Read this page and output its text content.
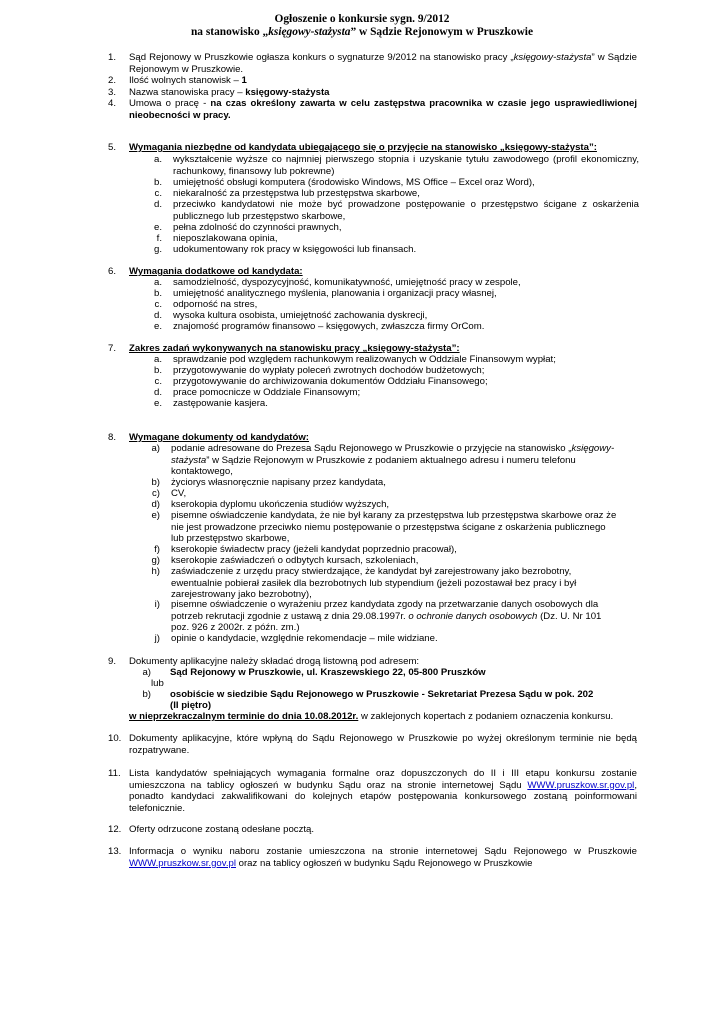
Ogłoszenie o konkursie sygn. 9/2012
na stanowisko „księgowy-stażysta” w Sądzie Rejonowym w Pruszkowie
1. Sąd Rejonowy w Pruszkowie ogłasza konkurs o sygnaturze 9/2012 na stanowisko pracy „księgowy-stażysta” w Sądzie Rejonowym w Pruszkowie.
2. Ilość wolnych stanowisk – 1
3. Nazwa stanowiska pracy – księgowy-stażysta
4. Umowa o pracę - na czas określony zawarta w celu zastępstwa pracownika w czasie jego usprawiedliwionej nieobecności w pracy.
5. Wymagania niezbędne od kandydata ubiegającego się o przyjęcie na stanowisko „księgowy-stażysta”:
a. wykształcenie wyższe co najmniej pierwszego stopnia i uzyskanie tytułu zawodowego (profil ekonomiczny, rachunkowy, finansowy lub pokrewne)
b. umiejętność obsługi komputera (środowisko Windows, MS Office – Excel oraz Word),
c. niekaralność za przestępstwa lub przestępstwa skarbowe,
d. przeciwko kandydatowi nie może być prowadzone postępowanie o przestępstwo ścigane z oskarżenia publicznego lub przestępstwo skarbowe,
e. pełna zdolność do czynności prawnych,
f. nieposzlakowana opinia,
g. udokumentowany rok pracy w księgowości lub finansach.
6. Wymagania dodatkowe od kandydata:
a. samodzielność, dyspozycyjność, komunikatywność, umiejętność pracy w zespole,
b. umiejętność analitycznego myślenia, planowania i organizacji pracy własnej,
c. odporność na stres,
d. wysoka kultura osobista, umiejętność zachowania dyskrecji,
e. znajomość programów finansowo – księgowych, zwłaszcza firmy OrCom.
7. Zakres zadań wykonywanych na stanowisku pracy „księgowy-stażysta”:
a. sprawdzanie pod względem rachunkowym realizowanych w Oddziale Finansowym wypłat;
b. przygotowywanie do wypłaty poleceń zwrotnych dochodów budżetowych;
c. przygotowywanie do archiwizowania dokumentów Oddziału Finansowego;
d. prace pomocnicze w Oddziale Finansowym;
e. zastępowanie kasjera.
8. Wymagane dokumenty od kandydatów:
a) podanie adresowane do Prezesa Sądu Rejonowego w Pruszkowie o przyjęcie na stanowisko „księgowy-stażysta” w Sądzie Rejonowym w Pruszkowie z podaniem aktualnego adresu i numeru telefonu kontaktowego,
b) życiorys własnoręcznie napisany przez kandydata,
c) CV,
d) kserokopia dyplomu ukończenia studiów wyższych,
e) pisemne oświadczenie kandydata, że nie był karany za przestępstwa lub przestępstwa skarbowe oraz że nie jest prowadzone przeciwko niemu postępowanie o przestępstwa ścigane z oskarżenia publicznego lub przestępstwo skarbowe,
f) kserokopie świadectw pracy (jeżeli kandydat poprzednio pracował),
g) kserokopie zaświadczeń o odbytych kursach, szkoleniach,
h) zaświadczenie z urzędu pracy stwierdzające, że kandydat był zarejestrowany jako bezrobotny, ewentualnie pobierał zasiłek dla bezrobotnych lub stypendium (jeżeli pozostawał bez pracy i był zarejestrowany jako bezrobotny),
i) pisemne oświadczenie o wyrażeniu przez kandydata zgody na przetwarzanie danych osobowych dla potrzeb rekrutacji zgodnie z ustawą z dnia 29.08.1997r. o ochronie danych osobowych (Dz. U. Nr 101 poz. 926 z 2002r. z późn. zm.)
j) opinie o kandydacie, względnie rekomendacje – mile widziane.
9. Dokumenty aplikacyjne należy składać drogą listowną pod adresem:
a) Sąd Rejonowy w Pruszkowie, ul. Kraszewskiego 22, 05-800 Pruszków
lub
b) osobiście w siedzibie Sądu Rejonowego w Pruszkowie - Sekretariat Prezesa Sądu w pok. 202
(II piętro)
w nieprzekraczalnym terminie do dnia 10.08.2012r. w zaklejonych kopertach z podaniem oznaczenia konkursu.
10. Dokumenty aplikacyjne, które wpłyną do Sądu Rejonowego w Pruszkowie po wyżej określonym terminie nie będą rozpatrywane.
11. Lista kandydatów spełniających wymagania formalne oraz dopuszczonych do II i III etapu konkursu zostanie umieszczona na tablicy ogłoszeń w budynku Sądu oraz na stronie internetowej Sądu WWW.pruszkow.sr.gov.pl, ponadto kandydaci zakwalifikowani do kolejnych etapów postępowania konkursowego zostaną poinformowani telefonicznie.
12. Oferty odrzucone zostaną odesłane pocztą.
13. Informacja o wyniku naboru zostanie umieszczona na stronie internetowej Sądu Rejonowego w Pruszkowie WWW.pruszkow.sr.gov.pl oraz na tablicy ogłoszeń w budynku Sądu Rejonowego w Pruszkowie
